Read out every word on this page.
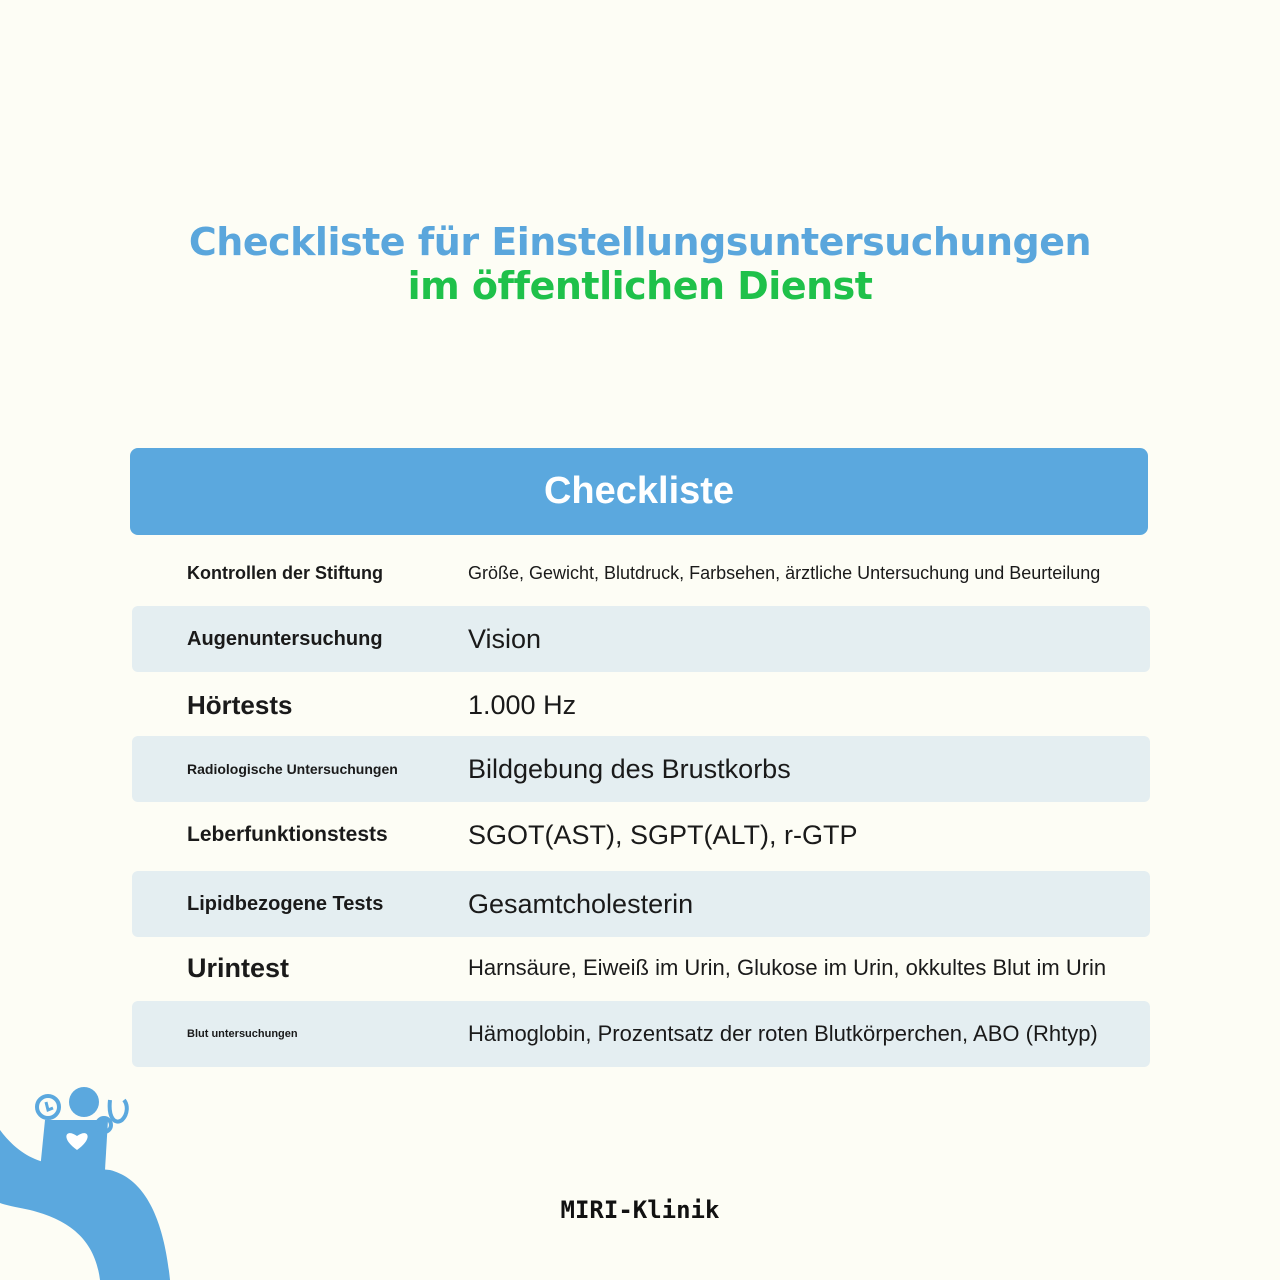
Checkliste für Einstellungsuntersuchungen
im öffentlichen Dienst
Checkliste
Kontrollen der Stiftung	Größe, Gewicht, Blutdruck, Farbsehen, ärztliche Untersuchung und Beurteilung
Augenuntersuchung	Vision
Hörtests	1.000 Hz
Radiologische Untersuchungen	Bildgebung des Brustkorbs
Leberfunktionstests	SGOT(AST), SGPT(ALT), r-GTP
Lipidbezogene Tests	Gesamtcholesterin
Urintest	Harnsäure, Eiweiß im Urin, Glukose im Urin, okkultes Blut im Urin
Blut untersuchungen	Hämoglobin, Prozentsatz der roten Blutkörperchen, ABO (Rhtyp)
MIRI-Klinik
